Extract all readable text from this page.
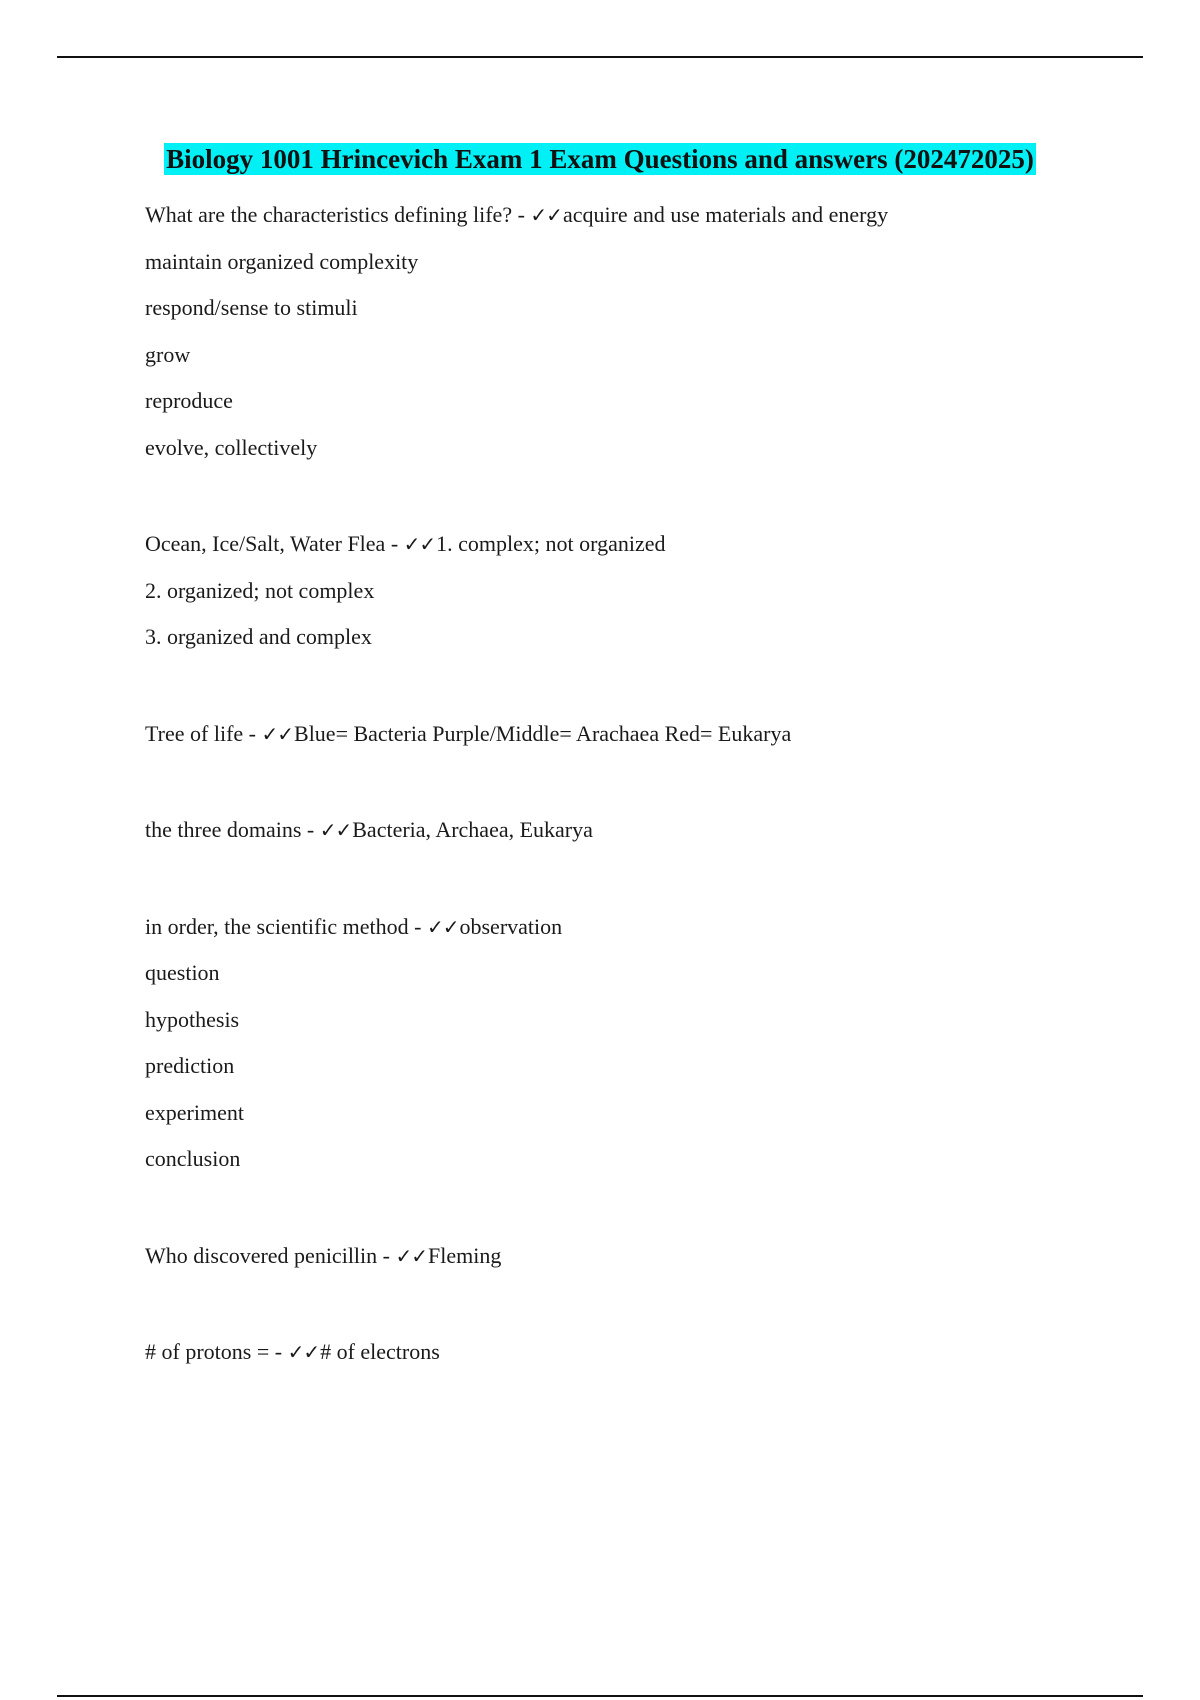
Biology 1001 Hrincevich Exam 1 Exam Questions and answers (202472025)
What are the characteristics defining life? - ✓✓acquire and use materials and energy
maintain organized complexity
respond/sense to stimuli
grow
reproduce
evolve, collectively
Ocean, Ice/Salt, Water Flea - ✓✓1. complex; not organized
2. organized; not complex
3. organized and complex
Tree of life - ✓✓Blue= Bacteria Purple/Middle= Arachaea Red= Eukarya
the three domains - ✓✓Bacteria, Archaea, Eukarya
in order, the scientific method - ✓✓observation
question
hypothesis
prediction
experiment
conclusion
Who discovered penicillin - ✓✓Fleming
# of protons = - ✓✓# of electrons
